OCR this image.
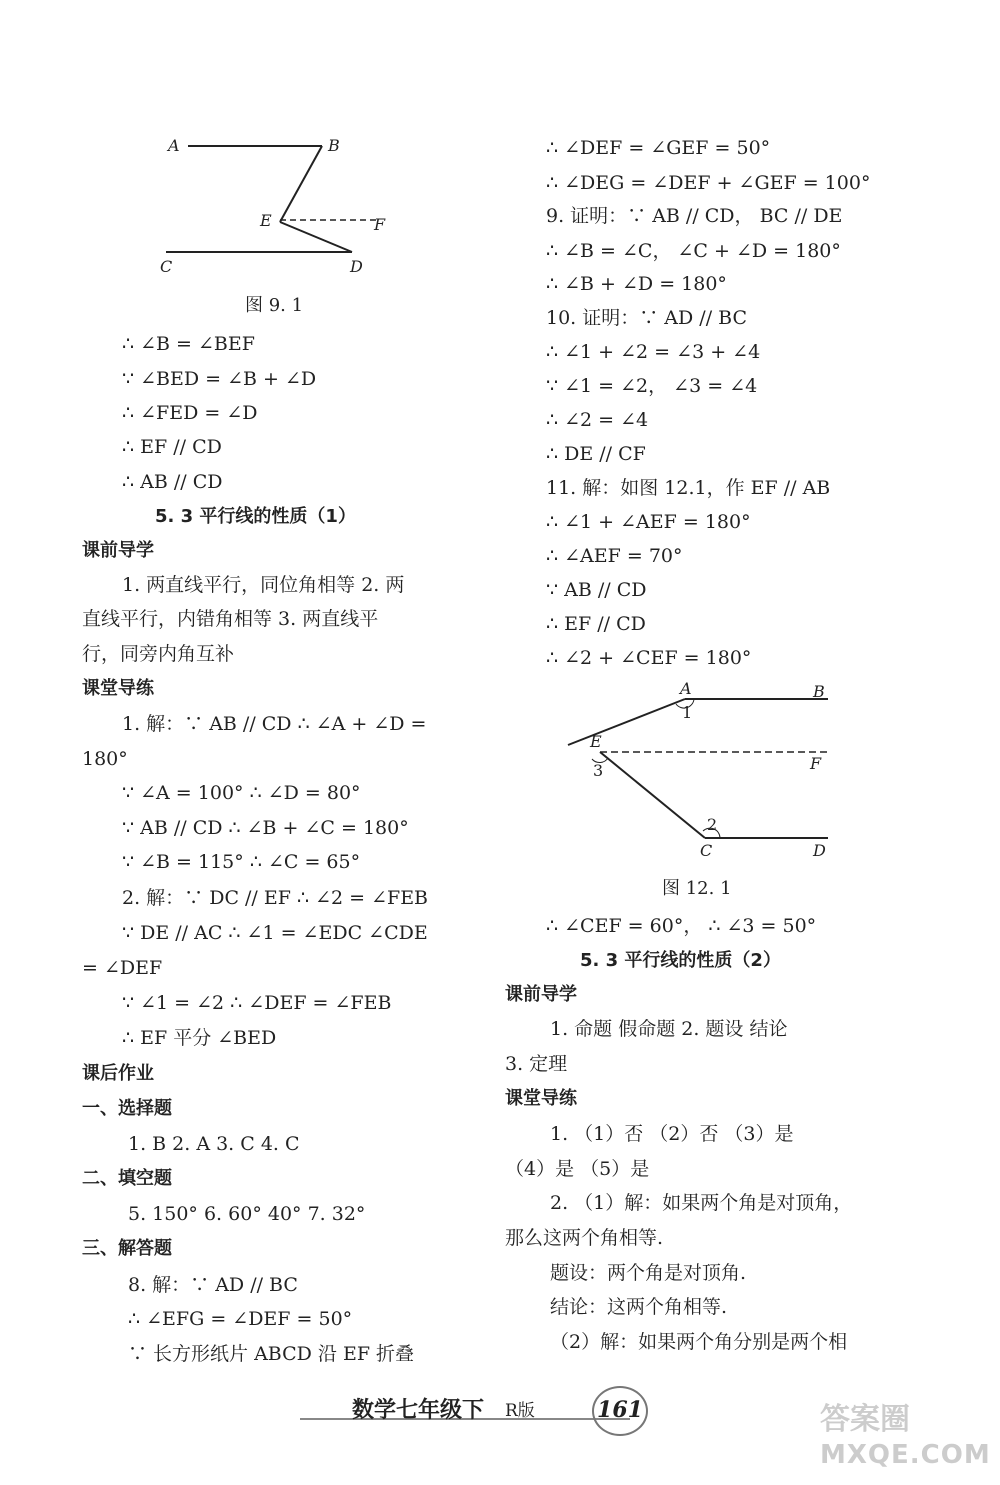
A	B
E	F
C	D
图 9. 1
∴ ∠B = ∠BEF
∵ ∠BED = ∠B + ∠D
∴ ∠FED = ∠D
∴ EF // CD
∴ AB // CD
5. 3 平行线的性质（1）
课前导学
1. 两直线平行，同位角相等 2. 两
直线平行，内错角相等 3. 两直线平
行，同旁内角互补
课堂导练
1. 解：∵ AB // CD ∴ ∠A + ∠D =
180°
∵ ∠A = 100° ∴ ∠D = 80°
∵ AB // CD ∴ ∠B + ∠C = 180°
∵ ∠B = 115° ∴ ∠C = 65°
2. 解：∵ DC // EF ∴ ∠2 = ∠FEB
∵ DE // AC ∴ ∠1 = ∠EDC ∠CDE
= ∠DEF
∵ ∠1 = ∠2 ∴ ∠DEF = ∠FEB
∴ EF 平分 ∠BED
课后作业
一、选择题
1. B 2. A 3. C 4. C
二、填空题
5. 150° 6. 60° 40° 7. 32°
三、解答题
8. 解：∵ AD // BC
∴ ∠EFG = ∠DEF = 50°
∵ 长方形纸片 ABCD 沿 EF 折叠
∴ ∠DEF = ∠GEF = 50°
∴ ∠DEG = ∠DEF + ∠GEF = 100°
9. 证明：∵ AB // CD， BC // DE
∴ ∠B = ∠C， ∠C + ∠D = 180°
∴ ∠B + ∠D = 180°
10. 证明：∵ AD // BC
∴ ∠1 + ∠2 = ∠3 + ∠4
∵ ∠1 = ∠2， ∠3 = ∠4
∴ ∠2 = ∠4
∴ DE // CF
11. 解：如图 12.1，作 EF // AB
∴ ∠1 + ∠AEF = 180°
∴ ∠AEF = 70°
∵ AB // CD
∴ EF // CD
∴ ∠2 + ∠CEF = 180°
A	B
1
E
F
3
2
C	D
图 12. 1
∴ ∠CEF = 60°， ∴ ∠3 = 50°
5. 3 平行线的性质（2）
课前导学
1. 命题 假命题 2. 题设 结论
3. 定理
课堂导练
1. （1）否 （2）否 （3）是
（4）是 （5）是
2. （1）解：如果两个角是对顶角，
那么这两个角相等.
题设：两个角是对顶角.
结论：这两个角相等.
（2）解：如果两个角分别是两个相
数学七年级下 R版	161	答案圈
MXQE.COM
